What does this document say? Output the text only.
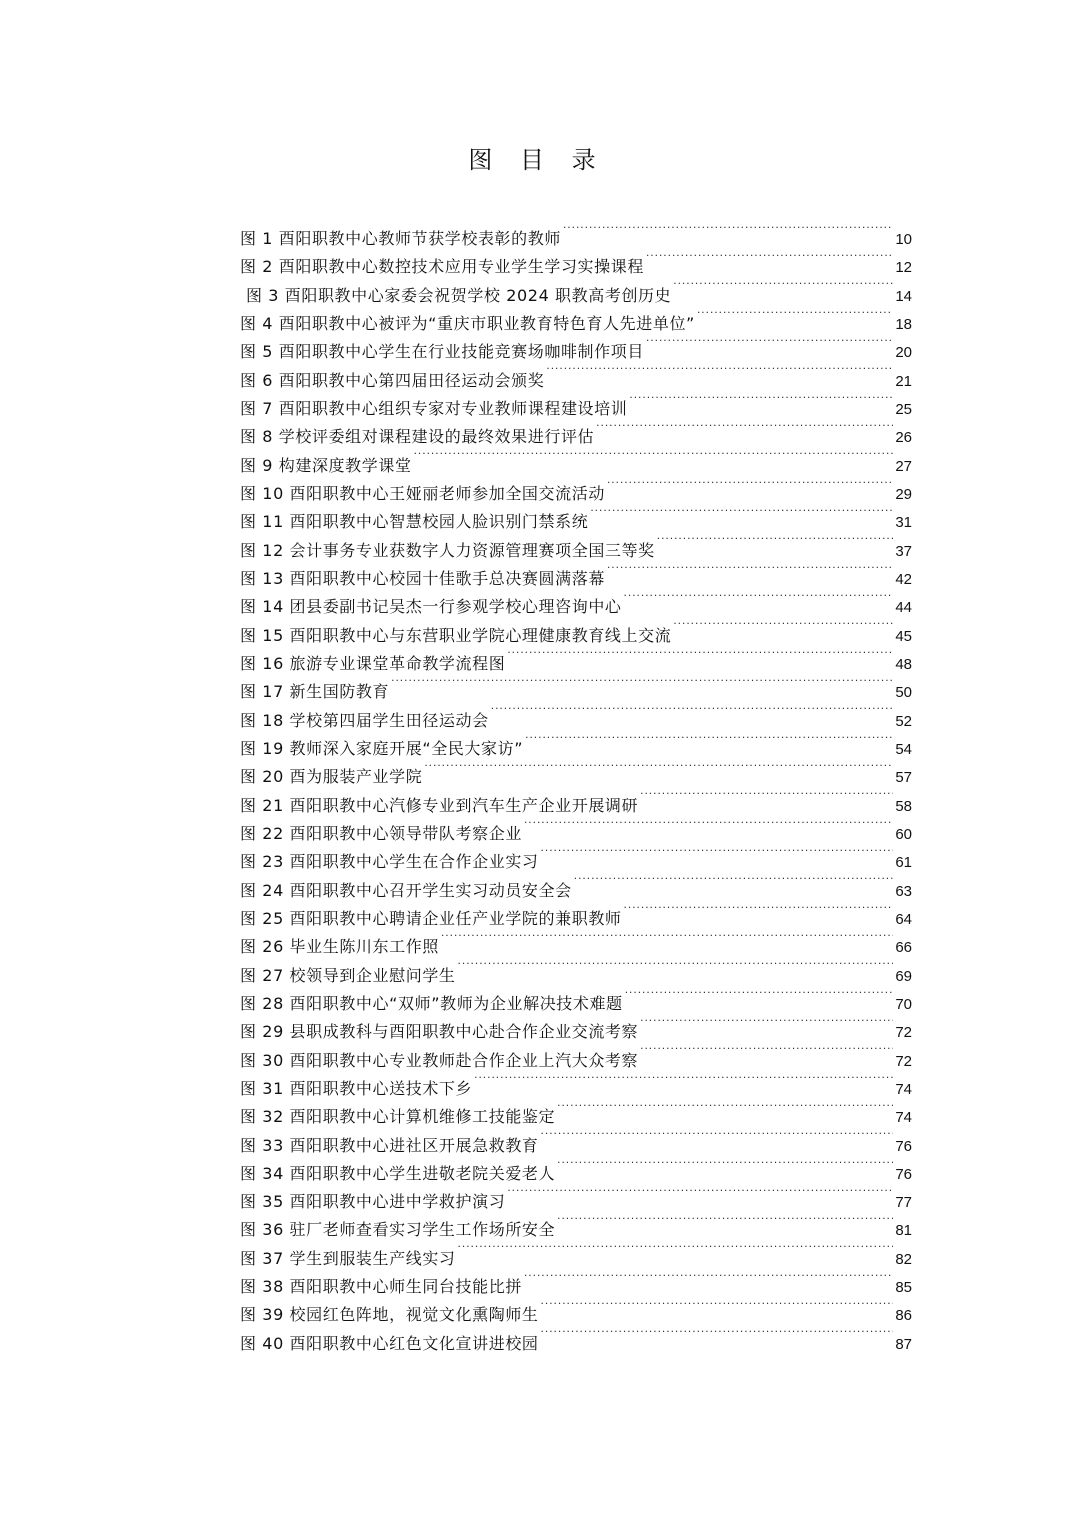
图 目 录
图 1 酉阳职教中心教师节获学校表彰的教师 .....	10
图 2 酉阳职教中心数控技术应用专业学生学习实操课程 .....	12
图 3 酉阳职教中心家委会祝贺学校 2024 职教高考创历史 .....	14
图 4 酉阳职教中心被评为“重庆市职业教育特色育人先进单位” .....	18
图 5 酉阳职教中心学生在行业技能竞赛场咖啡制作项目 .....	20
图 6 酉阳职教中心第四届田径运动会颁奖 .....	21
图 7 酉阳职教中心组织专家对专业教师课程建设培训 .....	25
图 8 学校评委组对课程建设的最终效果进行评估 .....	26
图 9 构建深度教学课堂 .....	27
图 10 酉阳职教中心王娅丽老师参加全国交流活动 .....	29
图 11 酉阳职教中心智慧校园人脸识别门禁系统 .....	31
图 12 会计事务专业获数字人力资源管理赛项全国三等奖 .....	37
图 13 酉阳职教中心校园十佳歌手总决赛圆满落幕 .....	42
图 14 团县委副书记吴杰一行参观学校心理咨询中心 .....	44
图 15 酉阳职教中心与东营职业学院心理健康教育线上交流 .....	45
图 16 旅游专业课堂革命教学流程图 .....	48
图 17 新生国防教育 .....	50
图 18 学校第四届学生田径运动会 .....	52
图 19 教师深入家庭开展“全民大家访” .....	54
图 20 酉为服装产业学院 .....	57
图 21 酉阳职教中心汽修专业到汽车生产企业开展调研 .....	58
图 22 酉阳职教中心领导带队考察企业 .....	60
图 23 酉阳职教中心学生在合作企业实习 .....	61
图 24 酉阳职教中心召开学生实习动员安全会 .....	63
图 25 酉阳职教中心聘请企业任产业学院的兼职教师 .....	64
图 26 毕业生陈川东工作照 .....	66
图 27 校领导到企业慰问学生 .....	69
图 28 酉阳职教中心“双师”教师为企业解决技术难题 .....	70
图 29 县职成教科与酉阳职教中心赴合作企业交流考察 .....	72
图 30 酉阳职教中心专业教师赴合作企业上汽大众考察 .....	72
图 31 酉阳职教中心送技术下乡 .....	74
图 32 酉阳职教中心计算机维修工技能鉴定 .....	74
图 33 酉阳职教中心进社区开展急救教育 .....	76
图 34 酉阳职教中心学生进敬老院关爱老人 .....	76
图 35 酉阳职教中心进中学救护演习 .....	77
图 36 驻厂老师查看实习学生工作场所安全 .....	81
图 37 学生到服装生产线实习 .....	82
图 38 酉阳职教中心师生同台技能比拼 .....	85
图 39 校园红色阵地，视觉文化熏陶师生 .....	86
图 40 酉阳职教中心红色文化宣讲进校园 .....	87
